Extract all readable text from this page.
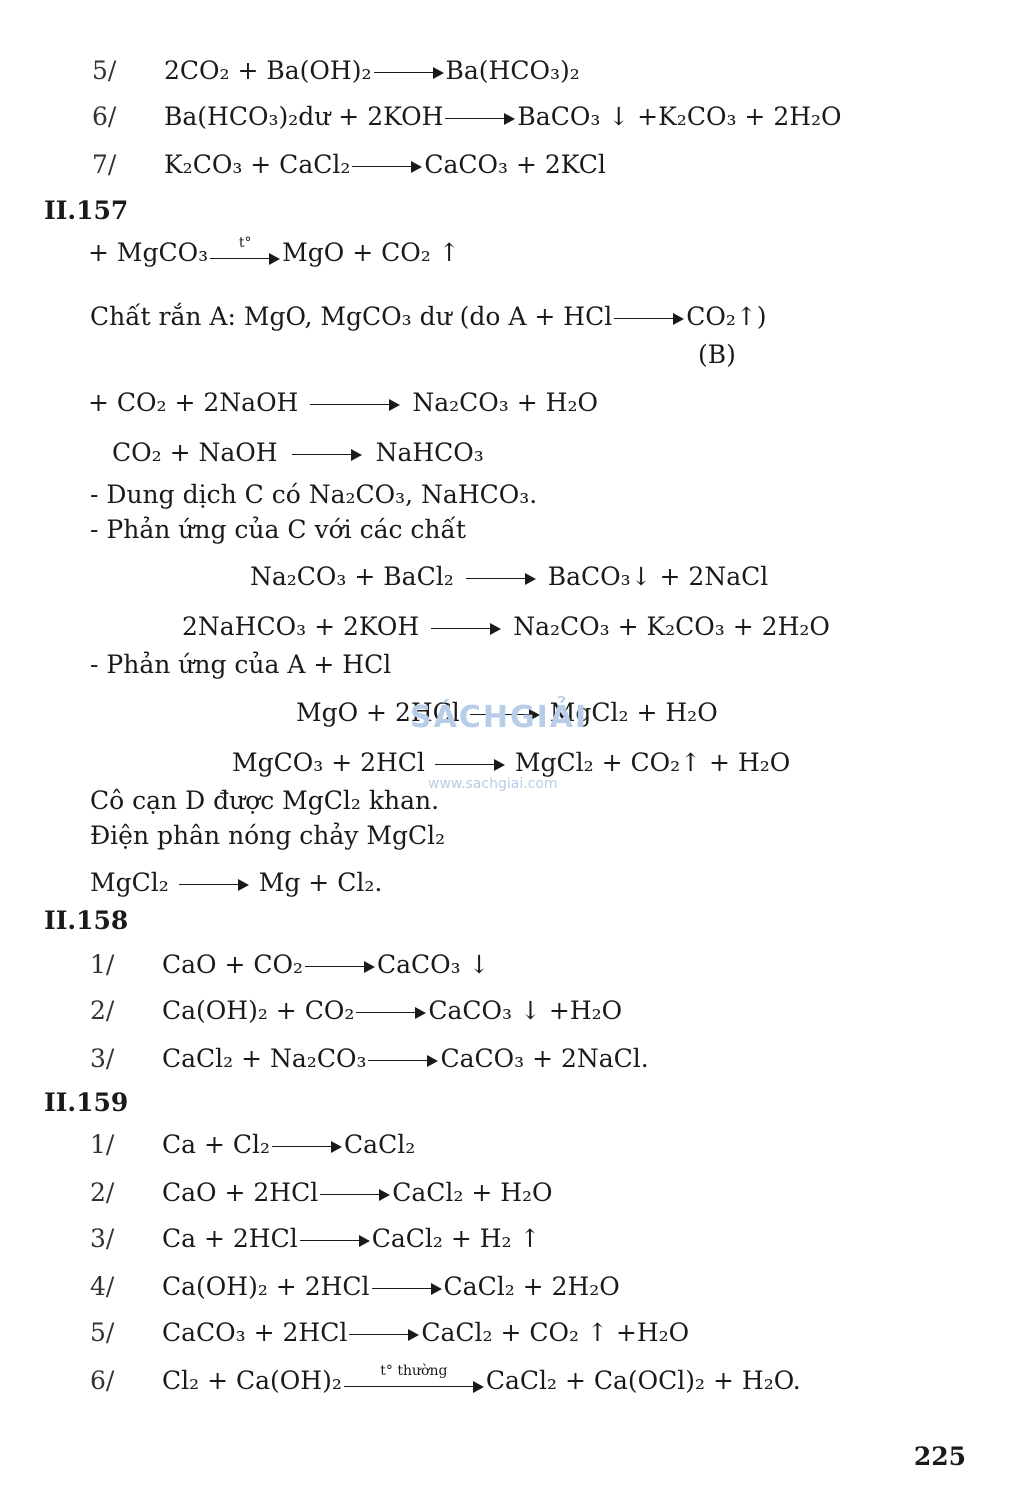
5/ 2CO₂ + Ba(OH)₂	Ba(HCO₃)₂
6/ Ba(HCO₃)₂dư + 2KOH	BaCO₃ ↓ +K₂CO₃ + 2H₂O
7/ K₂CO₃ + CaCl₂	CaCO₃ + 2KCl
II.157
+ MgCO₃	t°	MgO + CO₂ ↑
Chất rắn A: MgO, MgCO₃ dư (do A + HCl	CO₂↑)
(B)
+ CO₂ + 2NaOH	Na₂CO₃ + H₂O
CO₂ + NaOH	NaHCO₃
- Dung dịch C có Na₂CO₃, NaHCO₃.
- Phản ứng của C với các chất
Na₂CO₃ + BaCl₂	BaCO₃↓ + 2NaCl
2NaHCO₃ + 2KOH	Na₂CO₃ + K₂CO₃ + 2H₂O
- Phản ứng của A + HCl
MgO + 2HCl	MgCl₂ + H₂O
MgCO₃ + 2HCl	MgCl₂ + CO₂↑ + H₂O
Cô cạn D được MgCl₂ khan.
Điện phân nóng chảy MgCl₂
MgCl₂	Mg + Cl₂.
II.158
1/ CaO + CO₂	CaCO₃ ↓
2/ Ca(OH)₂ + CO₂	CaCO₃ ↓ +H₂O
3/ CaCl₂ + Na₂CO₃	CaCO₃ + 2NaCl.
II.159
1/ Ca + Cl₂	CaCl₂
2/ CaO + 2HCl	CaCl₂ + H₂O
3/ Ca + 2HCl	CaCl₂ + H₂ ↑
4/ Ca(OH)₂ + 2HCl	CaCl₂ + 2H₂O
5/ CaCO₃ + 2HCl	CaCl₂ + CO₂ ↑ +H₂O
6/ Cl₂ + Ca(OH)₂	t° thường	CaCl₂ + Ca(OCl)₂ + H₂O.
SÁCHGIẢI
www.sachgiai.com
225
